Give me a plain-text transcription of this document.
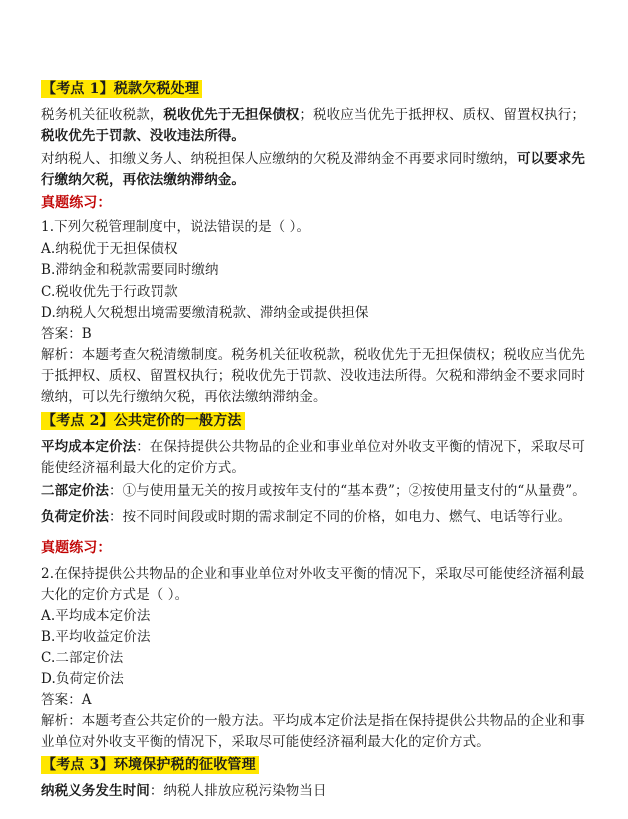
【考点 1】税款欠税处理
税务机关征收税款，税收优先于无担保债权；税收应当优先于抵押权、质权、留置权执行；
税收优先于罚款、没收违法所得。
对纳税人、扣缴义务人、纳税担保人应缴纳的欠税及滞纳金不再要求同时缴纳，可以要求先
行缴纳欠税，再依法缴纳滞纳金。
真题练习：
1.下列欠税管理制度中，说法错误的是（ ）。
A.纳税优于无担保债权
B.滞纳金和税款需要同时缴纳
C.税收优先于行政罚款
D.纳税人欠税想出境需要缴清税款、滞纳金或提供担保
答案：B
解析：本题考查欠税清缴制度。税务机关征收税款，税收优先于无担保债权；税收应当优先
于抵押权、质权、留置权执行；税收优先于罚款、没收违法所得。欠税和滞纳金不要求同时
缴纳，可以先行缴纳欠税，再依法缴纳滞纳金。
【考点 2】公共定价的一般方法
平均成本定价法：在保持提供公共物品的企业和事业单位对外收支平衡的情况下，采取尽可
能使经济福利最大化的定价方式。
二部定价法：①与使用量无关的按月或按年支付的“基本费”；②按使用量支付的“从量费”。
负荷定价法：按不同时间段或时期的需求制定不同的价格，如电力、燃气、电话等行业。
真题练习：
2.在保持提供公共物品的企业和事业单位对外收支平衡的情况下，采取尽可能使经济福利最
大化的定价方式是（ ）。
A.平均成本定价法
B.平均收益定价法
C.二部定价法
D.负荷定价法
答案：A
解析：本题考查公共定价的一般方法。平均成本定价法是指在保持提供公共物品的企业和事
业单位对外收支平衡的情况下，采取尽可能使经济福利最大化的定价方式。
【考点 3】环境保护税的征收管理
纳税义务发生时间：纳税人排放应税污染物当日
